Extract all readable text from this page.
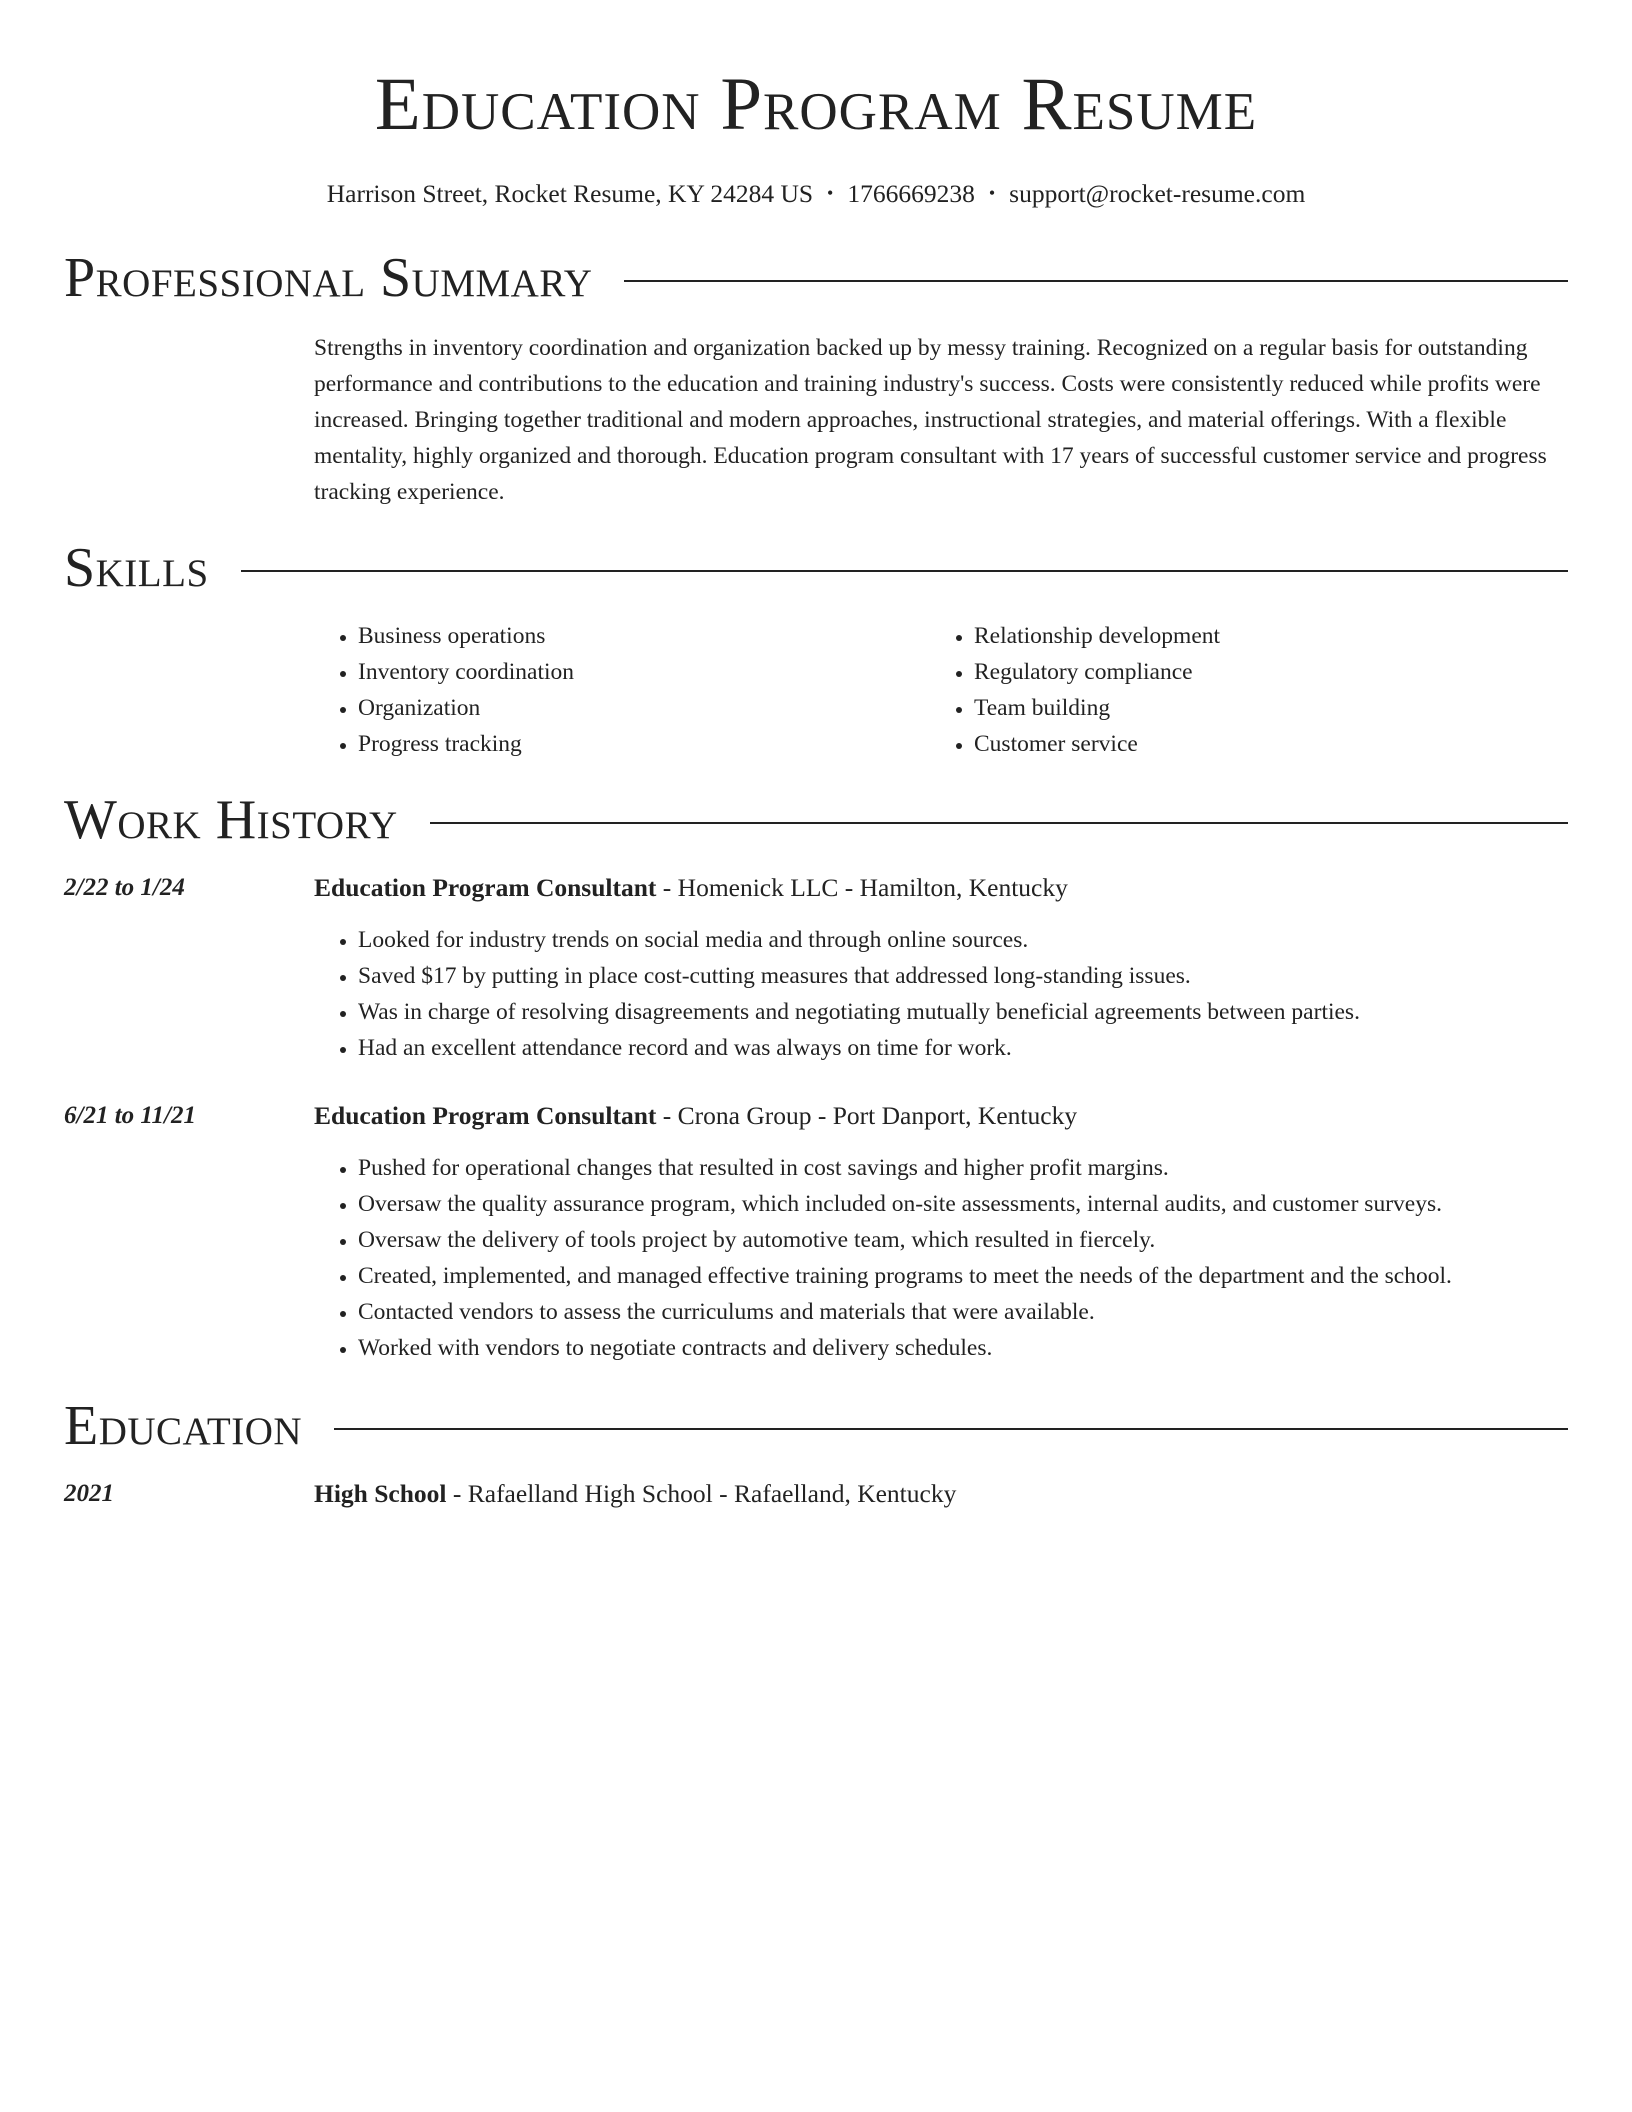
Education Program Resume
Harrison Street, Rocket Resume, KY 24284 US • 1766669238 • support@rocket-resume.com
Professional Summary
Strengths in inventory coordination and organization backed up by messy training. Recognized on a regular basis for outstanding performance and contributions to the education and training industry's success. Costs were consistently reduced while profits were increased. Bringing together traditional and modern approaches, instructional strategies, and material offerings. With a flexible mentality, highly organized and thorough. Education program consultant with 17 years of successful customer service and progress tracking experience.
Skills
• Business operations
• Inventory coordination
• Organization
• Progress tracking
• Relationship development
• Regulatory compliance
• Team building
• Customer service
Work History
2/22 to 1/24	Education Program Consultant - Homenick LLC - Hamilton, Kentucky
• Looked for industry trends on social media and through online sources.
• Saved $17 by putting in place cost-cutting measures that addressed long-standing issues.
• Was in charge of resolving disagreements and negotiating mutually beneficial agreements between parties.
• Had an excellent attendance record and was always on time for work.
6/21 to 11/21	Education Program Consultant - Crona Group - Port Danport, Kentucky
• Pushed for operational changes that resulted in cost savings and higher profit margins.
• Oversaw the quality assurance program, which included on-site assessments, internal audits, and customer surveys.
• Oversaw the delivery of tools project by automotive team, which resulted in fiercely.
• Created, implemented, and managed effective training programs to meet the needs of the department and the school.
• Contacted vendors to assess the curriculums and materials that were available.
• Worked with vendors to negotiate contracts and delivery schedules.
Education
2021	High School - Rafaelland High School - Rafaelland, Kentucky
